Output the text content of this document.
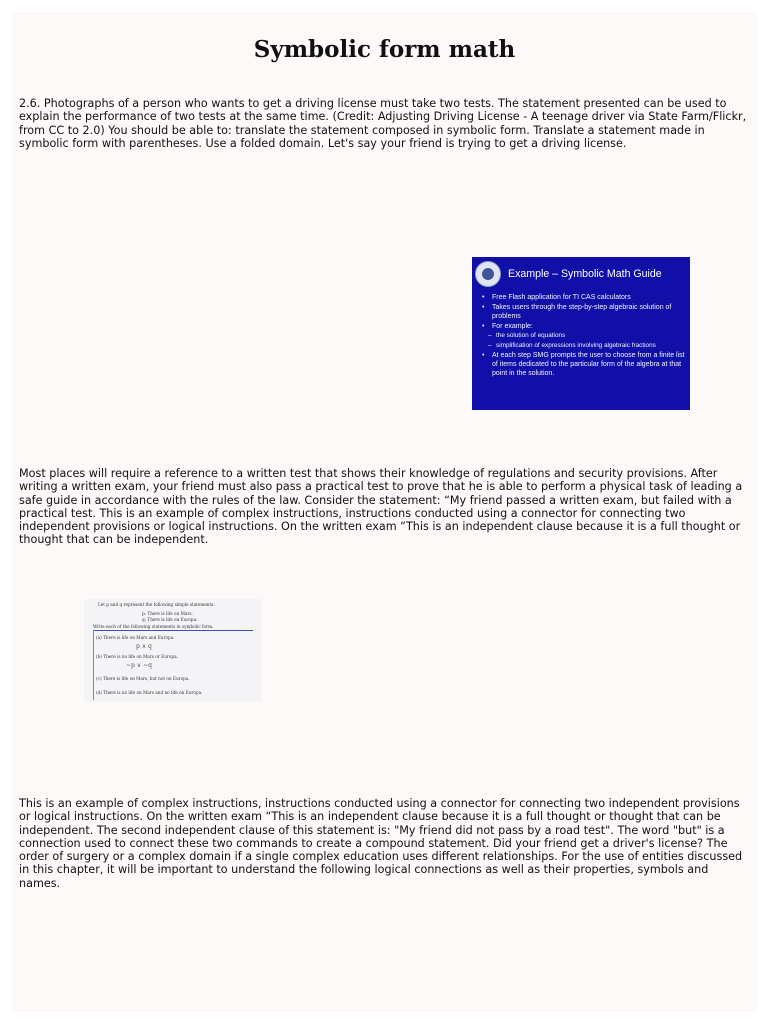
Symbolic form math

2.6. Photographs of a person who wants to get a driving license must take two tests. The statement presented can be used to explain the performance of two tests at the same time. (Credit: Adjusting Driving License - A teenage driver via State Farm/Flickr, from CC to 2.0) You should be able to: translate the statement composed in symbolic form. Translate a statement made in symbolic form with parentheses. Use a folded domain. Let's say your friend is trying to get a driving license.

Example – Symbolic Math Guide
• Free Flash application for TI CAS calculators
• Takes users through the step-by-step algebraic solution of problems
• For example:
– the solution of equations
– simplification of expressions involving algebraic fractions
• At each step SMG prompts the user to choose from a finite list of items dedicated to the particular form of the algebra at that point in the solution.

Most places will require a reference to a written test that shows their knowledge of regulations and security provisions. After writing a written exam, your friend must also pass a practical test to prove that he is able to perform a physical task of leading a safe guide in accordance with the rules of the law. Consider the statement: “My friend passed a written exam, but failed with a practical test. This is an example of complex instructions, instructions conducted using a connector for connecting two independent provisions or logical instructions. On the written exam “This is an independent clause because it is a full thought or thought that can be independent.

Let p and q represent the following simple statements:
p: There is life on Mars.
q: There is life on Europa.
Write each of the following statements in symbolic form.
(a) There is life on Mars and Europa.
p ∧ q
(b) There is no life on Mars or Europa.
~p ∨ ~q
(c) There is life on Mars, but not on Europa.
(d) There is no life on Mars and no life on Europa.

This is an example of complex instructions, instructions conducted using a connector for connecting two independent provisions or logical instructions. On the written exam “This is an independent clause because it is a full thought or thought that can be independent. The second independent clause of this statement is: "My friend did not pass by a road test". The word "but" is a connection used to connect these two commands to create a compound statement. Did your friend get a driver's license? The order of surgery or a complex domain if a single complex education uses different relationships. For the use of entities discussed in this chapter, it will be important to understand the following logical connections as well as their properties, symbols and names.
